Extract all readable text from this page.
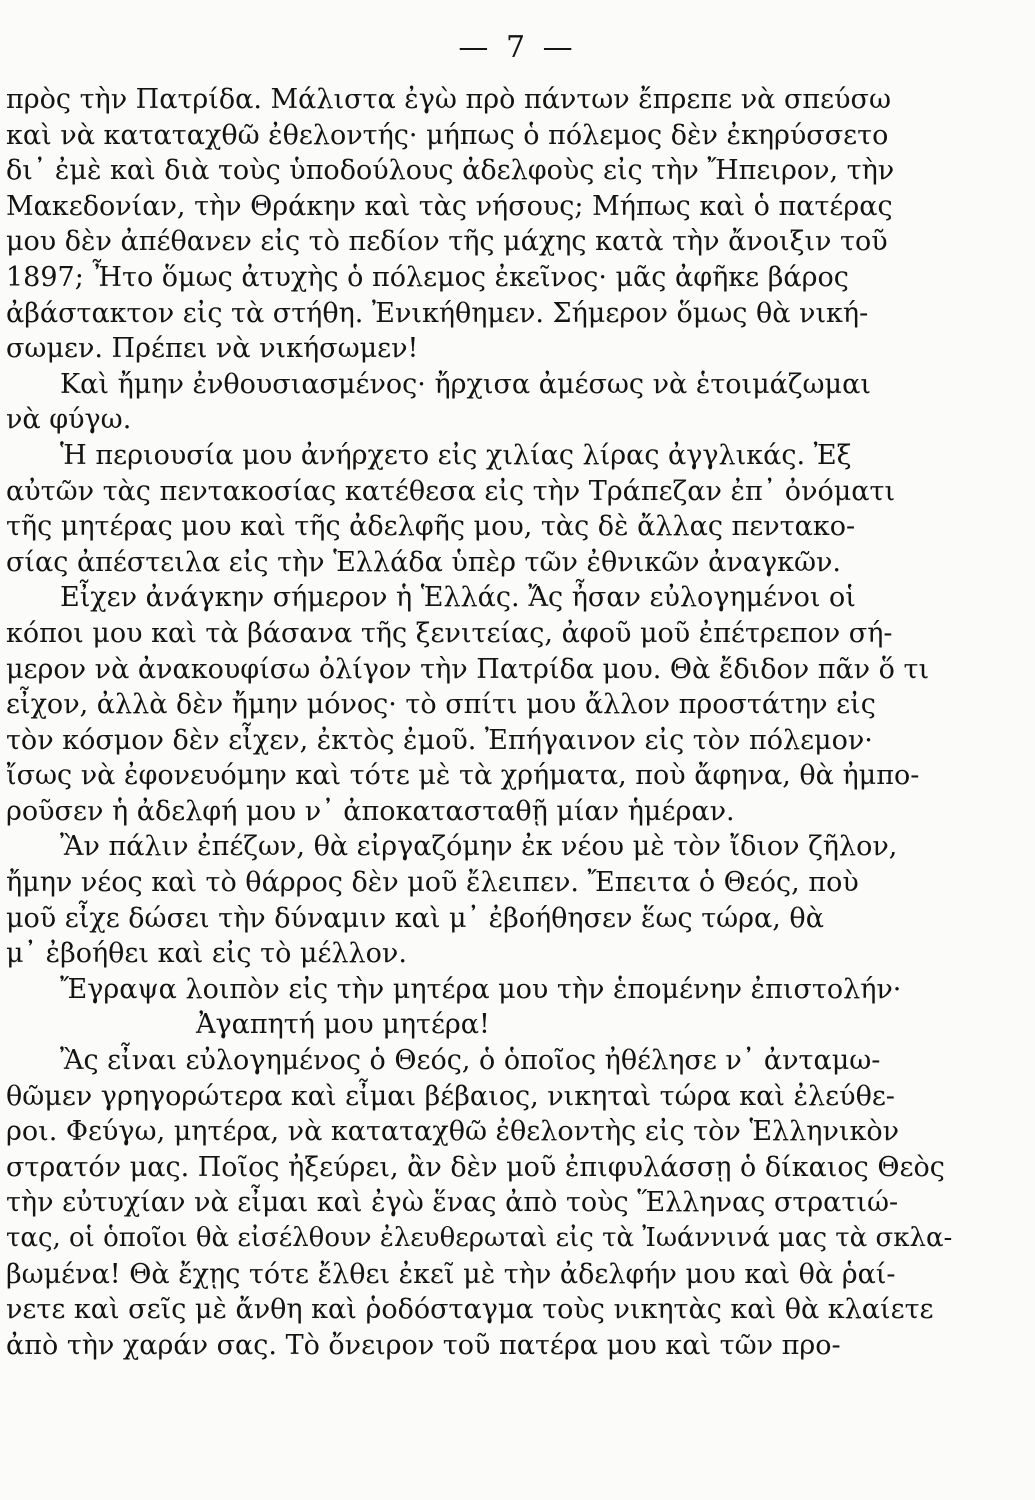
— 7 —
πρὸς τὴν Πατρίδα. Μάλιστα ἐγὼ πρὸ πάντων ἔπρεπε νὰ σπεύσω
καὶ νὰ καταταχθῶ ἐθελοντής· μήπως ὁ πόλεμος δὲν ἐκηρύσσετο
δι᾿ ἐμὲ καὶ διὰ τοὺς ὑποδούλους ἀδελφοὺς εἰς τὴν Ἤπειρον, τὴν
Μακεδονίαν, τὴν Θράκην καὶ τὰς νήσους; Μήπως καὶ ὁ πατέρας
μου δὲν ἀπέθανεν εἰς τὸ πεδίον τῆς μάχης κατὰ τὴν ἄνοιξιν τοῦ
1897; Ἦτο ὅμως ἀτυχὴς ὁ πόλεμος ἐκεῖνος· μᾶς ἀφῆκε βάρος
ἀβάστακτον εἰς τὰ στήθη. Ἐνικήθημεν. Σήμερον ὅμως θὰ νική-
σωμεν. Πρέπει νὰ νικήσωμεν!
Καὶ ἤμην ἐνθουσιασμένος· ἤρχισα ἀμέσως νὰ ἑτοιμάζωμαι
νὰ φύγω.
Ἡ περιουσία μου ἀνήρχετο εἰς χιλίας λίρας ἀγγλικάς. Ἐξ
αὐτῶν τὰς πεντακοσίας κατέθεσα εἰς τὴν Τράπεζαν ἐπ᾿ ὀνόματι
τῆς μητέρας μου καὶ τῆς ἀδελφῆς μου, τὰς δὲ ἄλλας πεντακο-
σίας ἀπέστειλα εἰς τὴν Ἑλλάδα ὑπὲρ τῶν ἐθνικῶν ἀναγκῶν.
Εἶχεν ἀνάγκην σήμερον ἡ Ἑλλάς. Ἄς ἦσαν εὐλογημένοι οἱ
κόποι μου καὶ τὰ βάσανα τῆς ξενιτείας, ἀφοῦ μοῦ ἐπέτρεπον σή-
μερον νὰ ἀνακουφίσω ὀλίγον τὴν Πατρίδα μου. Θὰ ἔδιδον πᾶν ὅ τι
εἶχον, ἀλλὰ δὲν ἤμην μόνος· τὸ σπίτι μου ἄλλον προστάτην εἰς
τὸν κόσμον δὲν εἶχεν, ἐκτὸς ἐμοῦ. Ἐπήγαινον εἰς τὸν πόλεμον·
ἴσως νὰ ἐφονευόμην καὶ τότε μὲ τὰ χρήματα, ποὺ ἄφηνα, θὰ ἠμπο-
ροῦσεν ἡ ἀδελφή μου ν᾿ ἀποκατασταθῇ μίαν ἡμέραν.
Ἂν πάλιν ἐπέζων, θὰ εἰργαζόμην ἐκ νέου μὲ τὸν ἴδιον ζῆλον,
ἤμην νέος καὶ τὸ θάρρος δὲν μοῦ ἔλειπεν. Ἔπειτα ὁ Θεός, ποὺ
μοῦ εἶχε δώσει τὴν δύναμιν καὶ μ᾿ ἐβοήθησεν ἕως τώρα, θὰ
μ᾿ ἐβοήθει καὶ εἰς τὸ μέλλον.
Ἔγραψα λοιπὸν εἰς τὴν μητέρα μου τὴν ἑπομένην ἐπιστολήν·
Ἀγαπητή μου μητέρα!
Ἂς εἶναι εὐλογημένος ὁ Θεός, ὁ ὁποῖος ἠθέλησε ν᾿ ἀνταμω-
θῶμεν γρηγορώτερα καὶ εἶμαι βέβαιος, νικηταὶ τώρα καὶ ἐλεύθε-
ροι. Φεύγω, μητέρα, νὰ καταταχθῶ ἐθελοντὴς εἰς τὸν Ἑλληνικὸν
στρατόν μας. Ποῖος ἠξεύρει, ἂν δὲν μοῦ ἐπιφυλάσσῃ ὁ δίκαιος Θεὸς
τὴν εὐτυχίαν νὰ εἶμαι καὶ ἐγὼ ἕνας ἀπὸ τοὺς Ἕλληνας στρατιώ-
τας, οἱ ὁποῖοι θὰ εἰσέλθουν ἐλευθερωταὶ εἰς τὰ Ἰωάννινά μας τὰ σκλα-
βωμένα! Θὰ ἔχῃς τότε ἔλθει ἐκεῖ μὲ τὴν ἀδελφήν μου καὶ θὰ ῥαί-
νετε καὶ σεῖς μὲ ἄνθη καὶ ῥοδόσταγμα τοὺς νικητὰς καὶ θὰ κλαίετε
ἀπὸ τὴν χαράν σας. Τὸ ὄνειρον τοῦ πατέρα μου καὶ τῶν προ-
